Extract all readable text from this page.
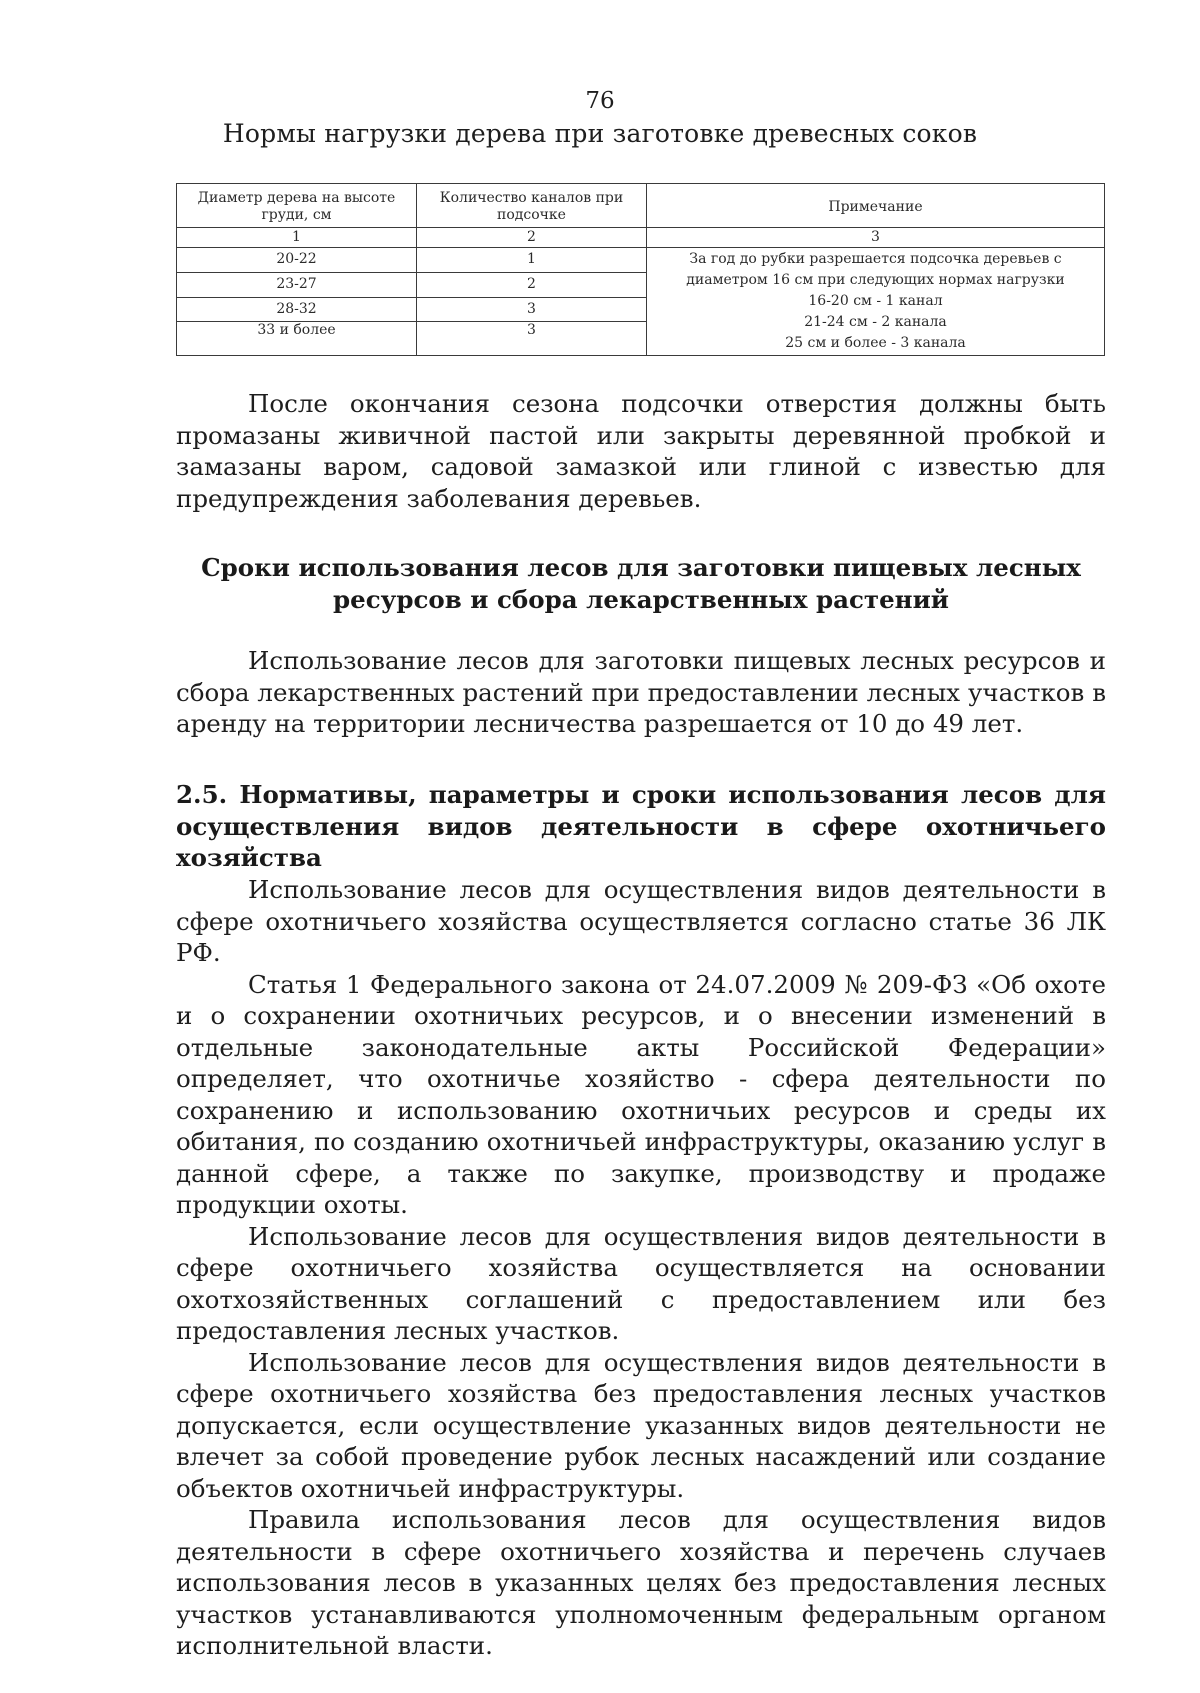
76
Нормы нагрузки дерева при заготовке древесных соков
Диаметр дерева на высоте груди, см	Количество каналов при подсочке	Примечание
1	2	3
20-22	1	За год до рубки разрешается подсочка деревьев с диаметром 16 см при следующих нормах нагрузки
16-20 см - 1 канал
21-24 см - 2 канала
25 см и более - 3 канала

23-27	2	
28-32	3	
33 и более	3	

После окончания сезона подсочки отверстия должны быть промазаны живичной пастой или закрыты деревянной пробкой и замазаны варом, садовой замазкой или глиной с известью для предупреждения заболевания деревьев.

Сроки использования лесов для заготовки пищевых лесных ресурсов и сбора лекарственных растений

Использование лесов для заготовки пищевых лесных ресурсов и сбора лекарственных растений при предоставлении лесных участков в аренду на территории лесничества разрешается от 10 до 49 лет.

2.5. Нормативы, параметры и сроки использования лесов для осуществления видов деятельности в сфере охотничьего хозяйства

Использование лесов для осуществления видов деятельности в сфере охотничьего хозяйства осуществляется согласно статье 36 ЛК РФ.

Статья 1 Федерального закона от 24.07.2009 № 209-ФЗ «Об охоте и о сохранении охотничьих ресурсов, и о внесении изменений в отдельные законодательные акты Российской Федерации» определяет, что охотничье хозяйство - сфера деятельности по сохранению и использованию охотничьих ресурсов и среды их обитания, по созданию охотничьей инфраструктуры, оказанию услуг в данной сфере, а также по закупке, производству и продаже продукции охоты.

Использование лесов для осуществления видов деятельности в сфере охотничьего хозяйства осуществляется на основании охотхозяйственных соглашений с предоставлением или без предоставления лесных участков.

Использование лесов для осуществления видов деятельности в сфере охотничьего хозяйства без предоставления лесных участков допускается, если осуществление указанных видов деятельности не влечет за собой проведение рубок лесных насаждений или создание объектов охотничьей инфраструктуры.

Правила использования лесов для осуществления видов деятельности в сфере охотничьего хозяйства и перечень случаев использования лесов в указанных целях без предоставления лесных участков устанавливаются уполномоченным федеральным органом исполнительной власти.
